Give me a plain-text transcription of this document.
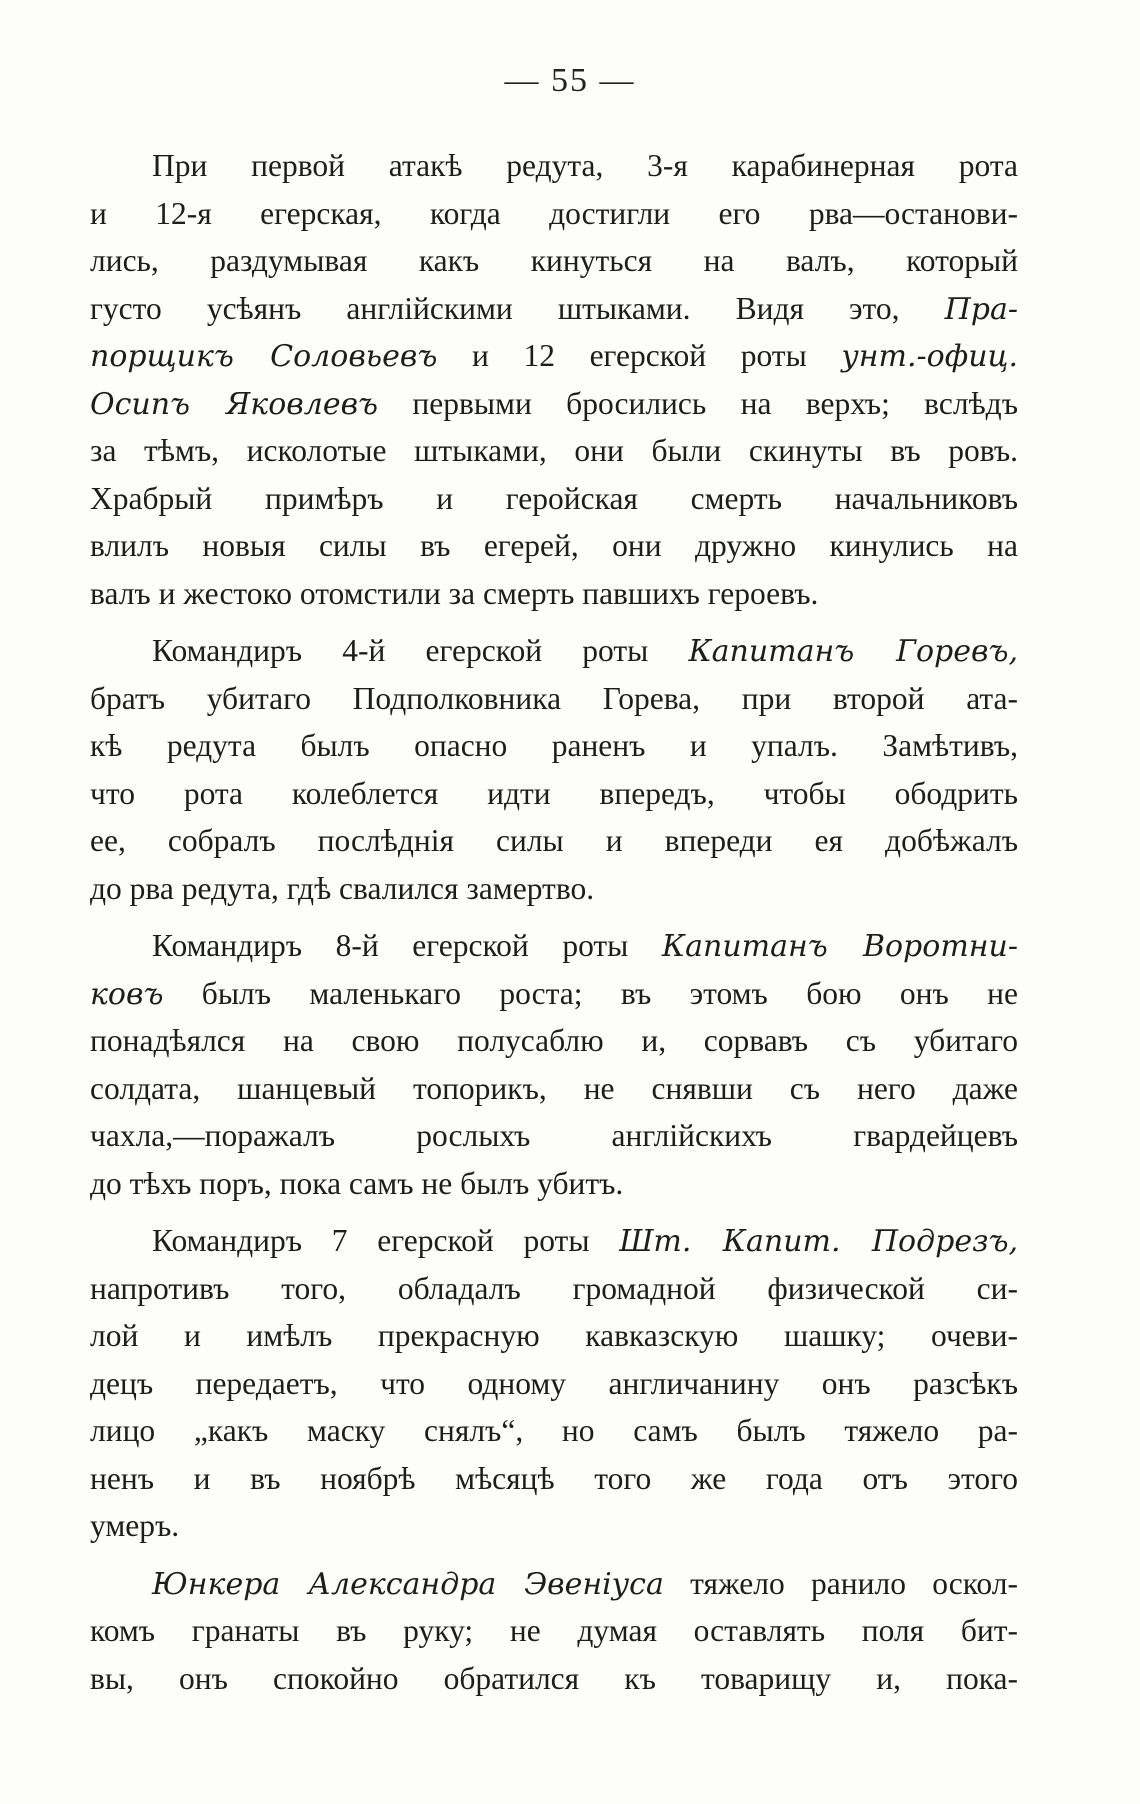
— 55 —
При первой атакѣ редута, 3-я карабинерная рота
и 12-я егерская, когда достигли его рва—останови-
лись, раздумывая какъ кинуться на валъ, который
густо усѣянъ англійскими штыками. Видя это, Пра-
порщикъ Соловьевъ и 12 егерской роты унт.-офиц.
Осипъ Яковлевъ первыми бросились на верхъ; вслѣдъ
за тѣмъ, исколотые штыками, они были скинуты въ ровъ.
Храбрый примѣръ и геройская смерть начальниковъ
влилъ новыя силы въ егерей, они дружно кинулись на
валъ и жестоко отомстили за смерть павшихъ героевъ.
Командиръ 4-й егерской роты Капитанъ Горевъ,
братъ убитаго Подполковника Горева, при второй ата-
кѣ редута былъ опасно раненъ и упалъ. Замѣтивъ,
что рота колеблется идти впередъ, чтобы ободрить
ее, собралъ послѣднія силы и впереди ея добѣжалъ
до рва редута, гдѣ свалился замертво.
Командиръ 8-й егерской роты Капитанъ Воротни-
ковъ былъ маленькаго роста; въ этомъ бою онъ не
понадѣялся на свою полусаблю и, сорвавъ съ убитаго
солдата, шанцевый топорикъ, не снявши съ него даже
чахла,—поражалъ рослыхъ англійскихъ гвардейцевъ
до тѣхъ поръ, пока самъ не былъ убитъ.
Командиръ 7 егерской роты Шт. Капит. Подрезъ,
напротивъ того, обладалъ громадной физической си-
лой и имѣлъ прекрасную кавказскую шашку; очеви-
децъ передаетъ, что одному англичанину онъ разсѣкъ
лицо „какъ маску снялъ“, но самъ былъ тяжело ра-
ненъ и въ ноябрѣ мѣсяцѣ того же года отъ этого
умеръ.
Юнкера Александра Эвеніуса тяжело ранило оскол-
комъ гранаты въ руку; не думая оставлять поля бит-
вы, онъ спокойно обратился къ товарищу и, пока-
